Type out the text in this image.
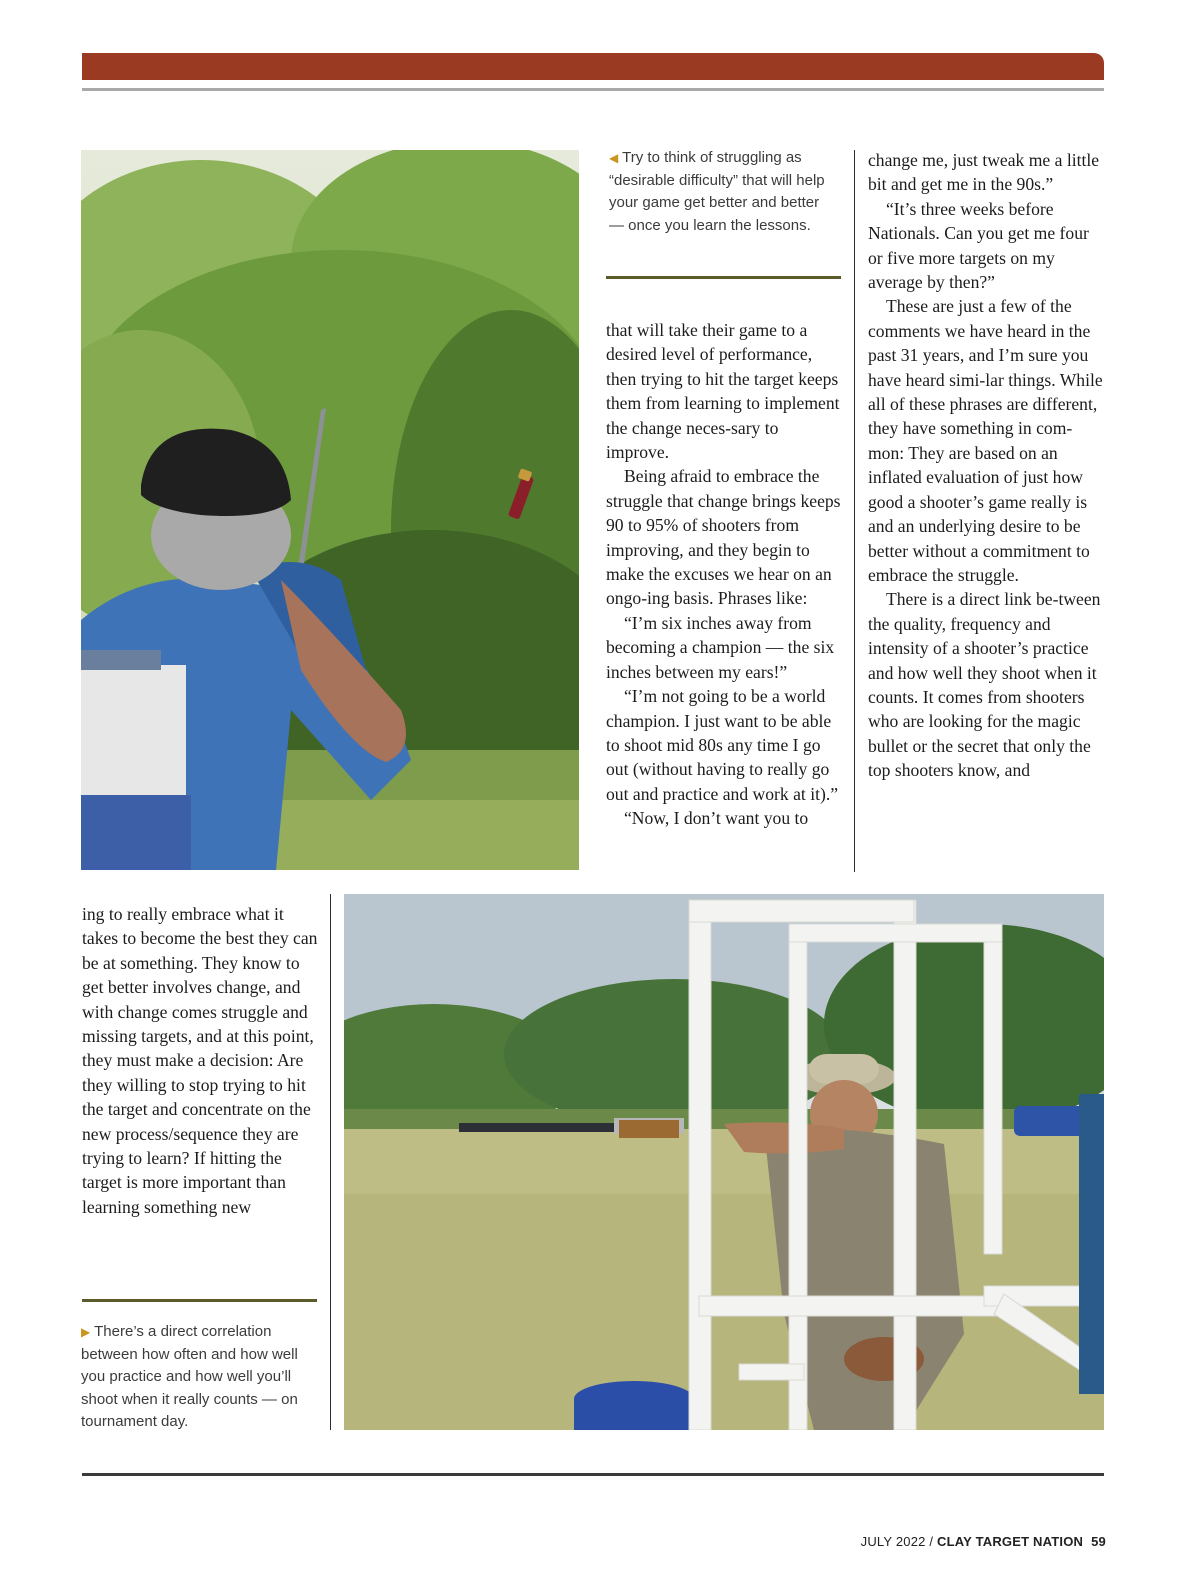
◀ Try to think of struggling as “desirable difficulty” that will help your game get better and better — once you learn the lessons.

that will take their game to a desired level of performance, then trying to hit the target keeps them from learning to implement the change neces-sary to improve.

Being afraid to embrace the struggle that change brings keeps 90 to 95% of shooters from improving, and they begin to make the excuses we hear on an ongo-ing basis. Phrases like:

“I’m six inches away from becoming a champion — the six inches between my ears!”

“I’m not going to be a world champion. I just want to be able to shoot mid 80s any time I go out (without having to really go out and practice and work at it).”

“Now, I don’t want you to

change me, just tweak me a little bit and get me in the 90s.”

“It’s three weeks before Nationals. Can you get me four or five more targets on my average by then?”

These are just a few of the comments we have heard in the past 31 years, and I’m sure you have heard simi-lar things. While all of these phrases are different, they have something in com-mon: They are based on an inflated evaluation of just how good a shooter’s game really is and an underlying desire to be better without a commitment to embrace the struggle.

There is a direct link be-tween the quality, frequency and intensity of a shooter’s practice and how well they shoot when it counts. It comes from shooters who are looking for the magic bullet or the secret that only the top shooters know, and

ing to really embrace what it takes to become the best they can be at something. They know to get better involves change, and with change comes struggle and missing targets, and at this point, they must make a decision: Are they willing to stop trying to hit the target and concentrate on the new process/sequence they are trying to learn? If hitting the target is more important than learning something new

▶ There’s a direct correlation between how often and how well you practice and how well you’ll shoot when it really counts — on tournament day.
JULY 2022 / CLAY TARGET NATION 59
